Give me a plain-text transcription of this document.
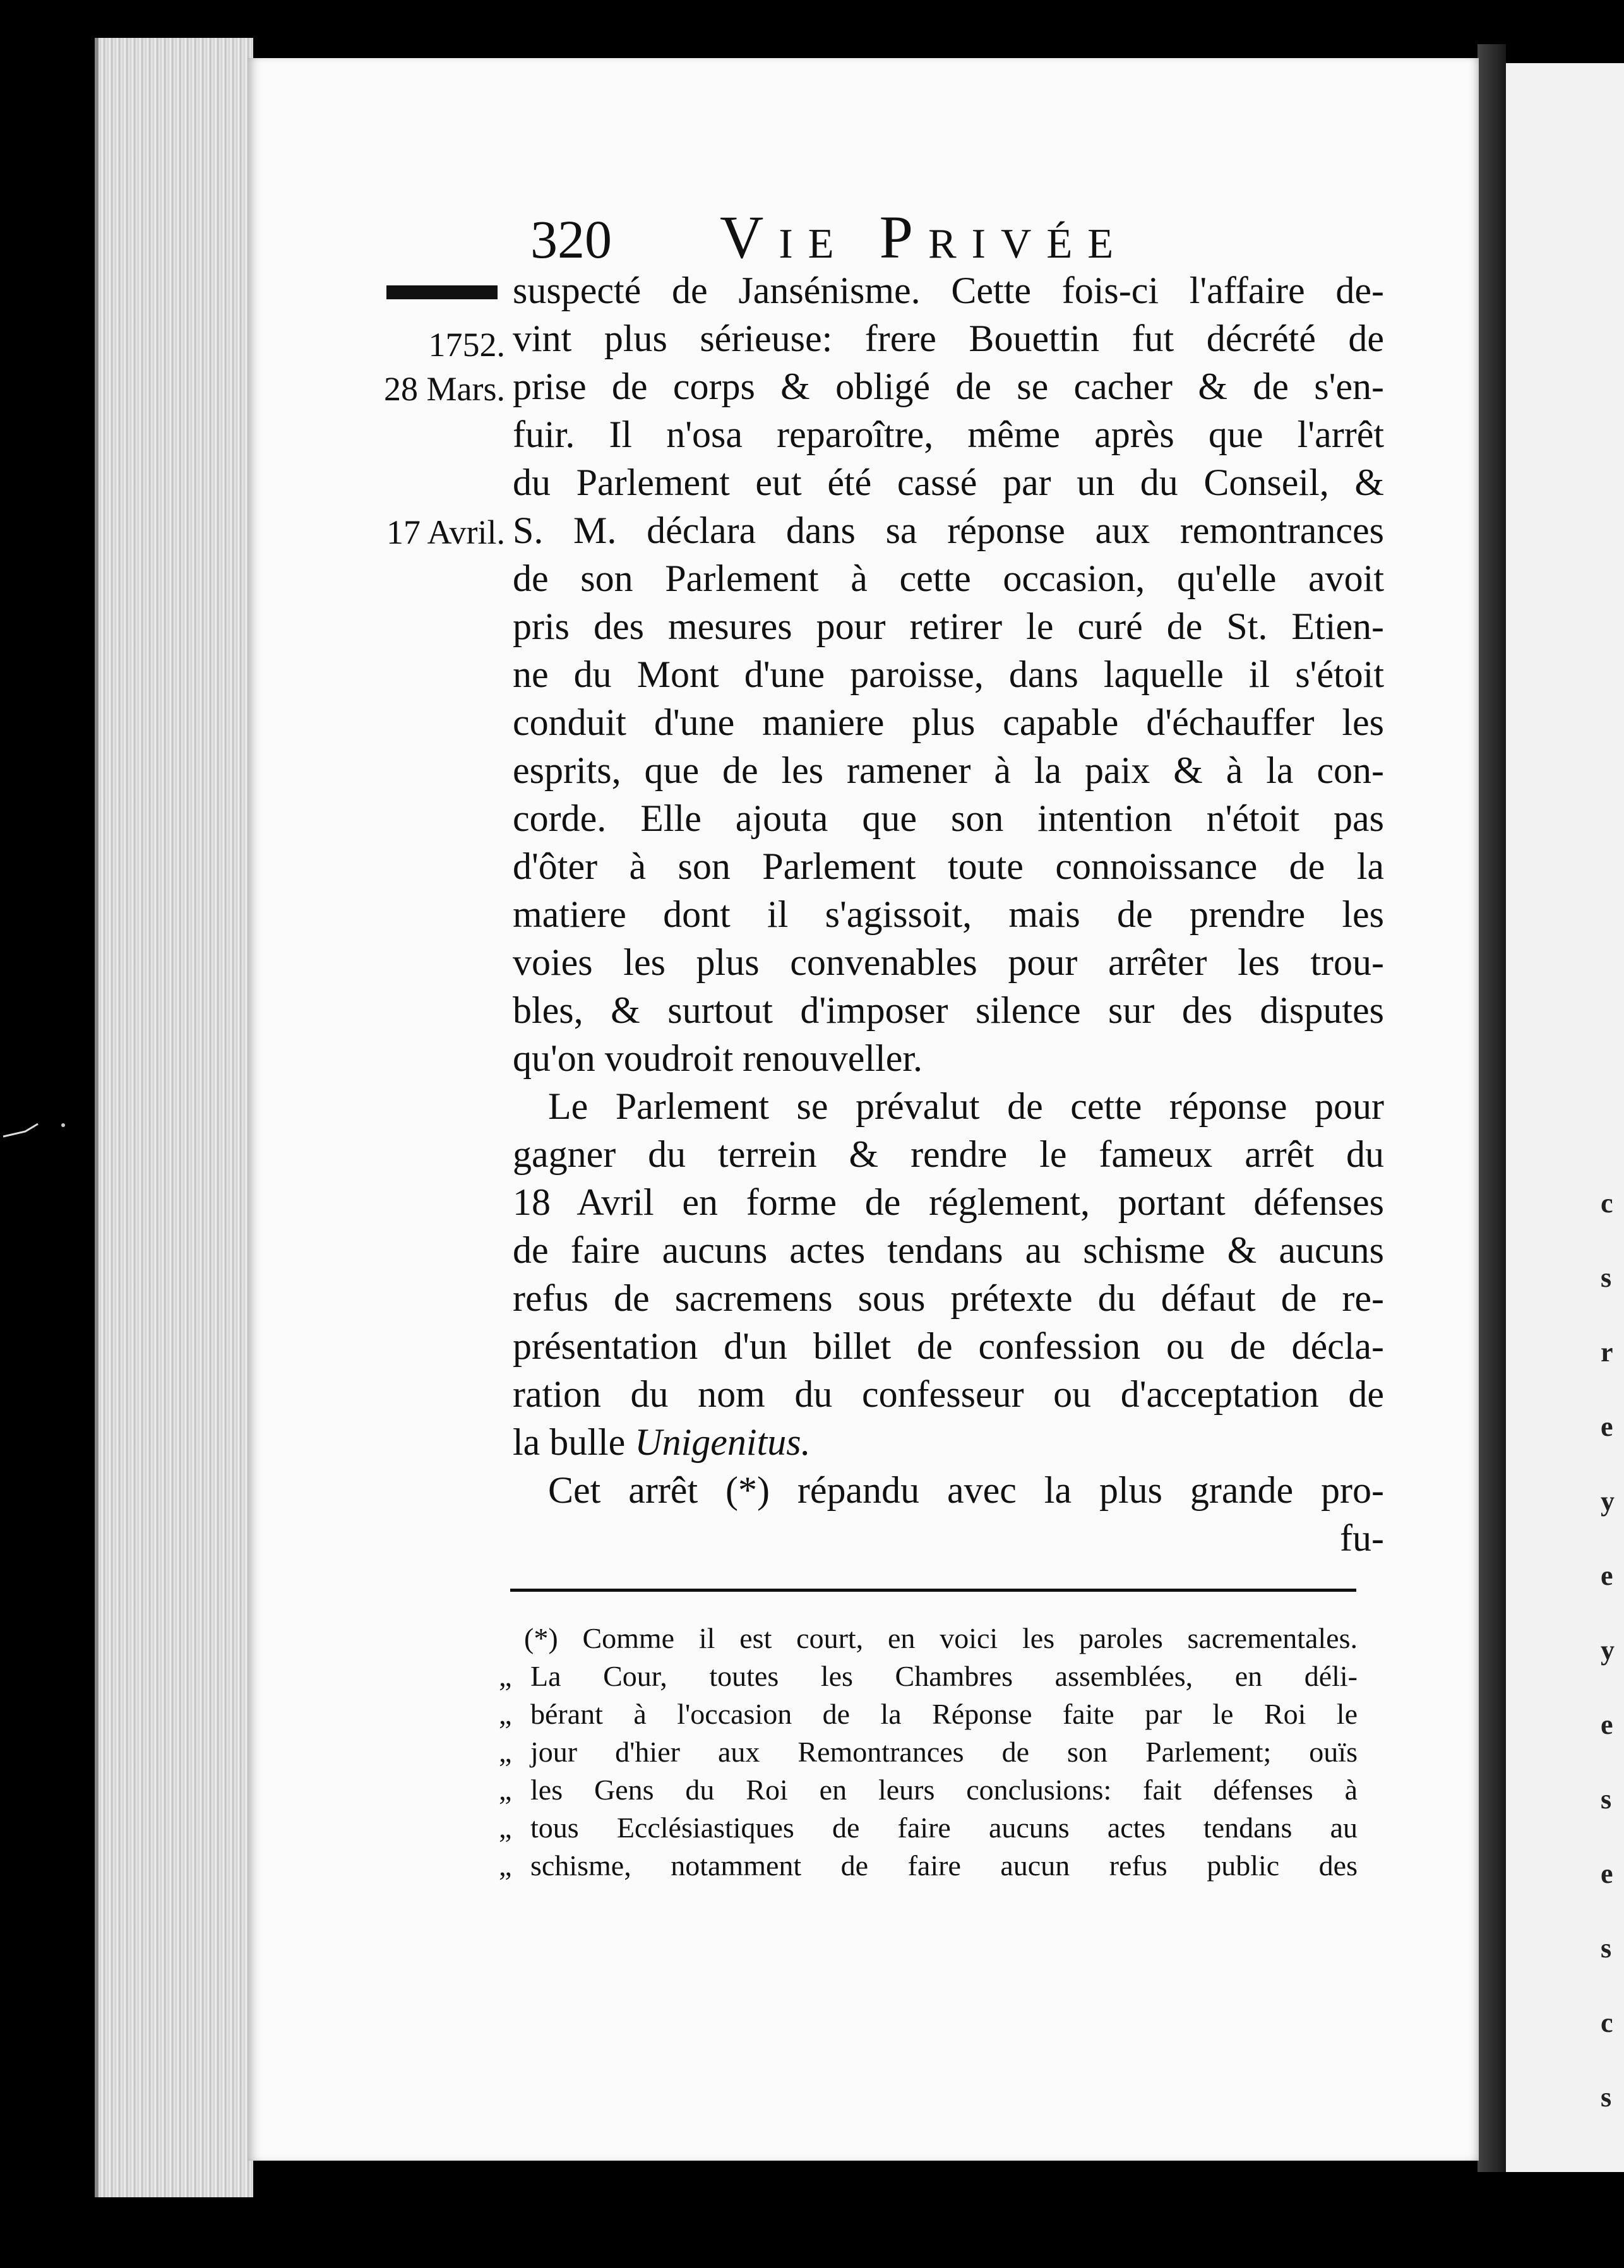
c
s
r
e
y
e
y
e
s
e
s
c
s
320	Vie Privée
1752.
28 Mars.
17 Avril.
suspecté de Jansénisme. Cette fois-ci l'affaire de-
vint plus sérieuse: frere Bouettin fut décrété de
prise de corps & obligé de se cacher & de s'en-
fuir. Il n'osa reparoître, même après que l'arrêt
du Parlement eut été cassé par un du Conseil, &
S. M. déclara dans sa réponse aux remontrances
de son Parlement à cette occasion, qu'elle avoit
pris des mesures pour retirer le curé de St. Etien-
ne du Mont d'une paroisse, dans laquelle il s'étoit
conduit d'une maniere plus capable d'échauffer les
esprits, que de les ramener à la paix & à la con-
corde. Elle ajouta que son intention n'étoit pas
d'ôter à son Parlement toute connoissance de la
matiere dont il s'agissoit, mais de prendre les
voies les plus convenables pour arrêter les trou-
bles, & surtout d'imposer silence sur des disputes
qu'on voudroit renouveller.
Le Parlement se prévalut de cette réponse pour
gagner du terrein & rendre le fameux arrêt du
18 Avril en forme de réglement, portant défenses
de faire aucuns actes tendans au schisme & aucuns
refus de sacremens sous prétexte du défaut de re-
présentation d'un billet de confession ou de décla-
ration du nom du confesseur ou d'acceptation de
la bulle Unigenitus.
Cet arrêt (*) répandu avec la plus grande pro-
fu-
(*) Comme il est court, en voici les paroles sacrementales.
„ La Cour, toutes les Chambres assemblées, en déli-
„ bérant à l'occasion de la Réponse faite par le Roi le
„ jour d'hier aux Remontrances de son Parlement; ouïs
„ les Gens du Roi en leurs conclusions: fait défenses à
„ tous Ecclésiastiques de faire aucuns actes tendans au
„ schisme, notamment de faire aucun refus public des
